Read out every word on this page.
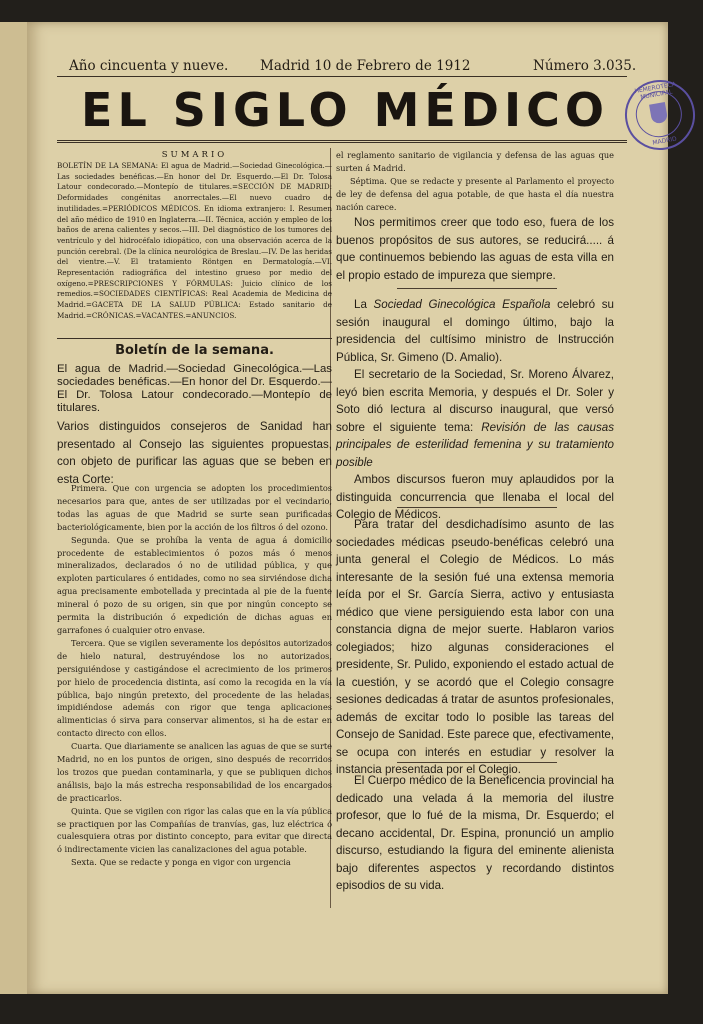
Año cincuenta y nueve. Madrid 10 de Febrero de 1912	Número 3.035.
EL SIGLO MÉDICO	HEMEROTECA MUNICIPAL
MADRID
SUMARIO
BOLETÍN DE LA SEMANA: El agua de Madrid.—Sociedad Ginecológica.—Las sociedades benéficas.—En honor del Dr. Esquerdo.—El Dr. Tolosa Latour condecorado.—Montepío de titulares.=SECCIÓN DE MADRID: Deformidades congénitas anorrectales.—El nuevo cuadro de inutilidades.=PERIÓDICOS MÉDICOS. En idioma extranjero: I. Resumen del año médico de 1910 en Inglaterra.—II. Técnica, acción y empleo de los baños de arena calientes y secos.—III. Del diagnóstico de los tumores del ventrículo y del hidrocéfalo idiopático, con una observación acerca de la punción cerebral. (De la clínica neurológica de Breslau.—IV. De las heridas del vientre.—V. El tratamiento Röntgen en Dermatología.—VI. Representación radiográfica del intestino grueso por medio del oxígeno.=PRESCRIPCIONES Y FÓRMULAS: Juicio clínico de los remedios.=SOCIEDADES CIENTÍFICAS: Real Academia de Medicina de Madrid.=GACETA DE LA SALUD PÚBLICA: Estado sanitario de Madrid.=CRÓNICAS.=VACANTES.=ANUNCIOS.
Boletín de la semana.
El agua de Madrid.—Sociedad Ginecológica.—Las sociedades benéficas.—En honor del Dr. Esquerdo.—El Dr. Tolosa Latour condecorado.—Montepío de titulares.
Varios distinguidos consejeros de Sanidad han presentado al Consejo las siguientes propuestas, con objeto de purificar las aguas que se beben en esta Corte:

Primera. Que con urgencia se adopten los procedimientos necesarios para que, antes de ser utilizadas por el vecindario, todas las aguas de que Madrid se surte sean purificadas bacteriológicamente, bien por la acción de los filtros ó del ozono.

Segunda. Que se prohíba la venta de agua á domicilio procedente de establecimientos ó pozos más ó menos mineralizados, declarados ó no de utilidad pública, y que exploten particulares ó entidades, como no sea sirviéndose dicha agua precisamente embotellada y precintada al pie de la fuente mineral ó pozo de su origen, sin que por ningún concepto se permita la distribución ó expedición de dichas aguas en garrafones ó cualquier otro envase.

Tercera. Que se vigilen severamente los depósitos autorizados de hielo natural, destruyéndose los no autorizados, persiguiéndose y castigándose el acrecimiento de los primeros por hielo de procedencia distinta, así como la recogida en la vía pública, bajo ningún pretexto, del procedente de las heladas, impidiéndose además con rigor que tenga aplicaciones alimenticias ó sirva para conservar alimentos, si ha de estar en contacto directo con ellos.

Cuarta. Que diariamente se analicen las aguas de que se surte Madrid, no en los puntos de origen, sino después de recorridos los trozos que puedan contaminarla, y que se publiquen dichos análisis, bajo la más estrecha responsabilidad de los encargados de practicarlos.

Quinta. Que se vigilen con rigor las calas que en la vía pública se practiquen por las Compañías de tranvías, gas, luz eléctrica ó cualesquiera otras por distinto concepto, para evitar que directa ó indirectamente vicien las canalizaciones del agua potable.

Sexta. Que se redacte y ponga en vigor con urgencia

el reglamento sanitario de vigilancia y defensa de las aguas que surten á Madrid.

Séptima. Que se redacte y presente al Parlamento el proyecto de ley de defensa del agua potable, de que hasta el día nuestra nación carece.

Nos permitimos creer que todo eso, fuera de los buenos propósitos de sus autores, se reducirá..... á que continuemos bebiendo las aguas de esta villa en el propio estado de impureza que siempre.

La Sociedad Ginecológica Española celebró su sesión inaugural el domingo último, bajo la presidencia del cultísimo ministro de Instrucción Pública, Sr. Gimeno (D. Amalio).

El secretario de la Sociedad, Sr. Moreno Álvarez, leyó bien escrita Memoria, y después el Dr. Soler y Soto dió lectura al discurso inaugural, que versó sobre el siguiente tema: Revisión de las causas principales de esterilidad femenina y su tratamiento posible

Ambos discursos fueron muy aplaudidos por la distinguida concurrencia que llenaba el local del Colegio de Médicos.

Para tratar del desdichadísimo asunto de las sociedades médicas pseudo-benéficas celebró una junta general el Colegio de Médicos. Lo más interesante de la sesión fué una extensa memoria leída por el Sr. García Sierra, activo y entusiasta médico que viene persiguiendo esta labor con una constancia digna de mejor suerte. Hablaron varios colegiados; hizo algunas consideraciones el presidente, Sr. Pulido, exponiendo el estado actual de la cuestión, y se acordó que el Colegio consagre sesiones dedicadas á tratar de asuntos profesionales, además de excitar todo lo posible las tareas del Consejo de Sanidad. Este parece que, efectivamente, se ocupa con interés en estudiar y resolver la instancia presentada por el Colegio.

El Cuerpo médico de la Beneficencia provincial ha dedicado una velada á la memoria del ilustre profesor, que lo fué de la misma, Dr. Esquerdo; el decano accidental, Dr. Espina, pronunció un amplio discurso, estudiando la figura del eminente alienista bajo diferentes aspectos y recordando distintos episodios de su vida.
